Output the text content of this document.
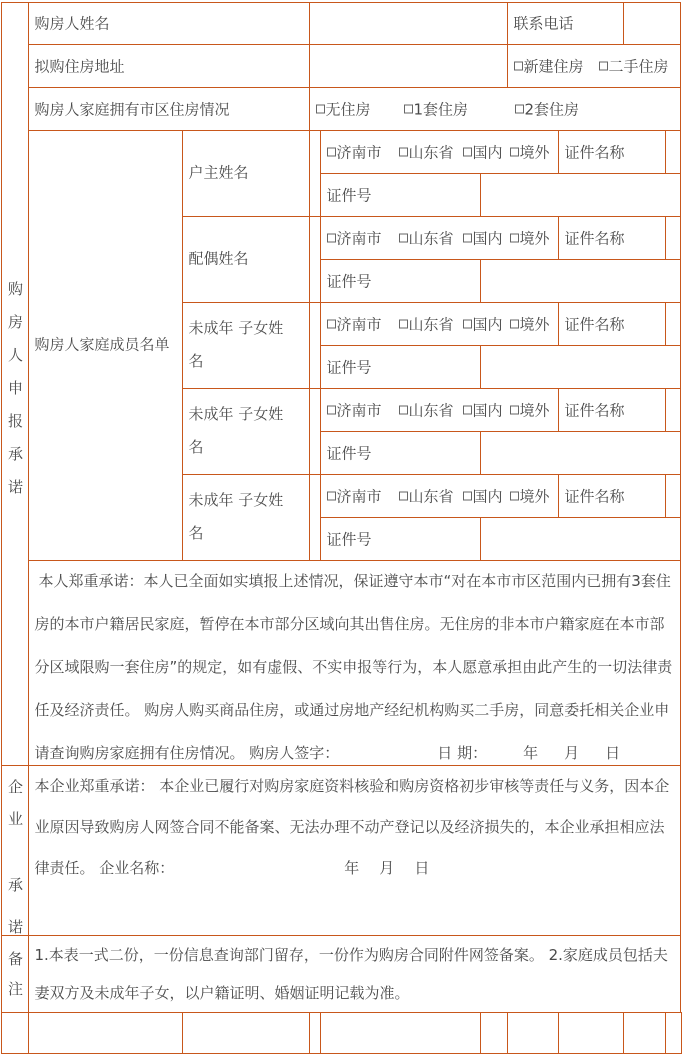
购
房
人
申
报
承
诺
购房人姓名	联系电话
拟购住房地址	新建住房	二手住房
购房人家庭拥有市区住房情况	无住房	1套住房	2套住房
购房人家庭成员名单
户主姓名
济南市	山东省	国内	境外 证件名称
证件号
配偶姓名
济南市	山东省	国内	境外 证件名称
证件号
未成年 子女姓名
济南市	山东省	国内	境外 证件名称
证件号
未成年 子女姓名
济南市	山东省	国内	境外 证件名称
证件号
未成年 子女姓名
济南市	山东省	国内	境外 证件名称
证件号
本人郑重承诺：本人已全面如实填报上述情况，保证遵守本市“对在本市市区范围内已拥有3套住房的本市户籍居民家庭，暂停在本市部分区域向其出售住房。无住房的非本市户籍家庭在本市部分区域限购一套住房”的规定，如有虚假、不实申报等行为，本人愿意承担由此产生的一切法律责任及经济责任。 购房人购买商品住房，或通过房地产经纪机构购买二手房，同意委托相关企业申请查询购房家庭拥有住房情况。 购房人签字：	日 期： 年 月 日
企
业
承
诺
本企业郑重承诺： 本企业已履行对购房家庭资料核验和购房资格初步审核等责任与义务，因本企业原因导致购房人网签合同不能备案、无法办理不动产登记以及经济损失的，本企业承担相应法律责任。 企业名称：	年 月 日
备
注
1.本表一式二份，一份信息查询部门留存，一份作为购房合同附件网签备案。 2.家庭成员包括夫妻双方及未成年子女，以户籍证明、婚姻证明记载为准。
